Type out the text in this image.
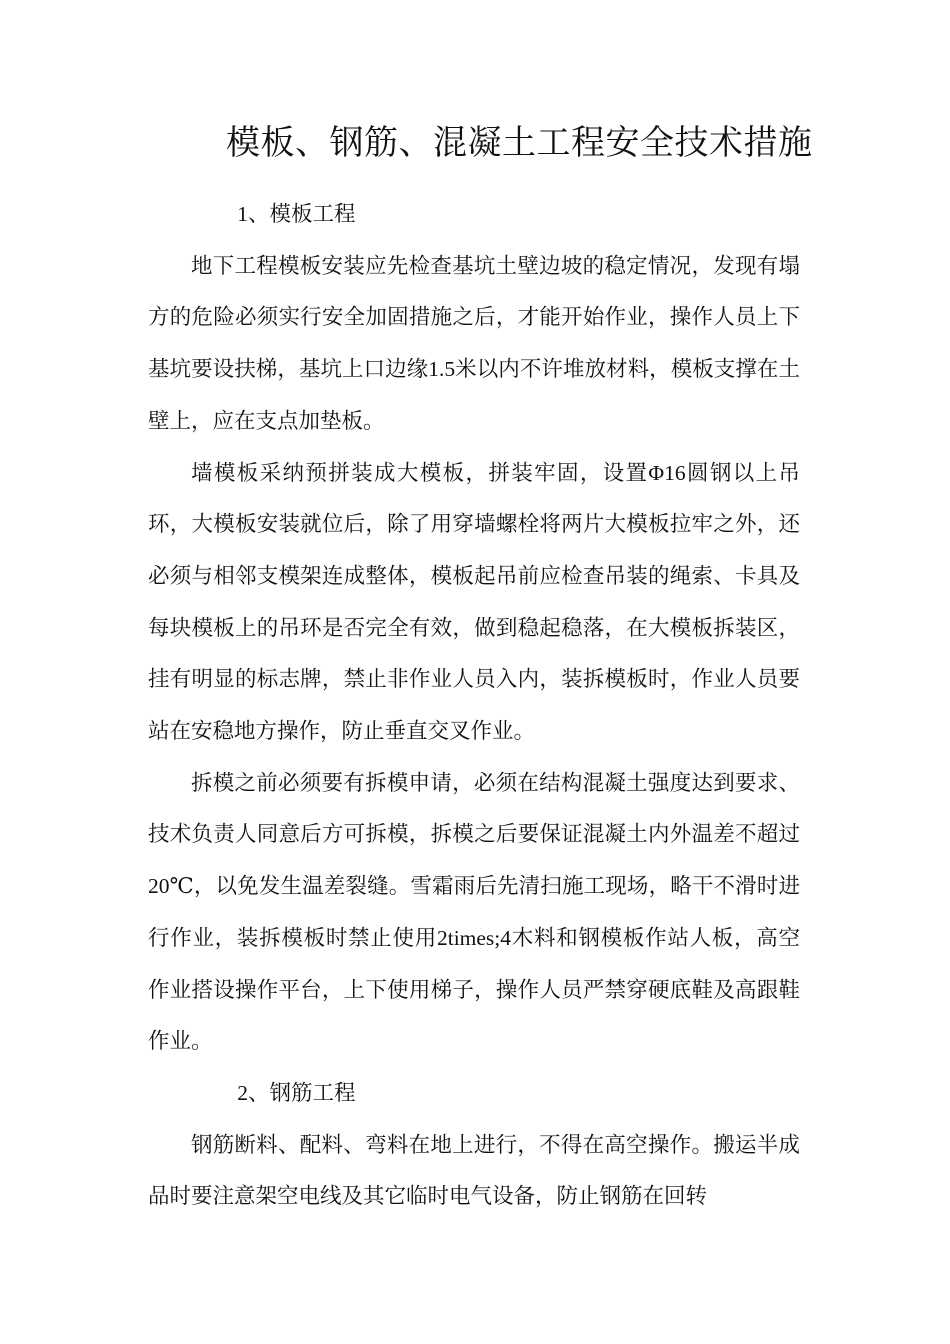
模板、钢筋、混凝土工程安全技术措施

1、模板工程

地下工程模板安装应先检查基坑土壁边坡的稳定情况，发现有塌方的危险必须实行安全加固措施之后，才能开始作业，操作人员上下基坑要设扶梯，基坑上口边缘1.5米以内不许堆放材料，模板支撑在土壁上，应在支点加垫板。

墙模板采纳预拼装成大模板，拼装牢固，设置Φ16圆钢以上吊环，大模板安装就位后，除了用穿墙螺栓将两片大模板拉牢之外，还必须与相邻支模架连成整体，模板起吊前应检查吊装的绳索、卡具及每块模板上的吊环是否完全有效，做到稳起稳落，在大模板拆装区，挂有明显的标志牌，禁止非作业人员入内，装拆模板时，作业人员要站在安稳地方操作，防止垂直交叉作业。

拆模之前必须要有拆模申请，必须在结构混凝土强度达到要求、技术负责人同意后方可拆模，拆模之后要保证混凝土内外温差不超过20℃，以免发生温差裂缝。雪霜雨后先清扫施工现场，略干不滑时进行作业，装拆模板时禁止使用2times;4木料和钢模板作站人板，高空作业搭设操作平台，上下使用梯子，操作人员严禁穿硬底鞋及高跟鞋作业。

2、钢筋工程

钢筋断料、配料、弯料在地上进行，不得在高空操作。搬运半成品时要注意架空电线及其它临时电气设备，防止钢筋在回转
